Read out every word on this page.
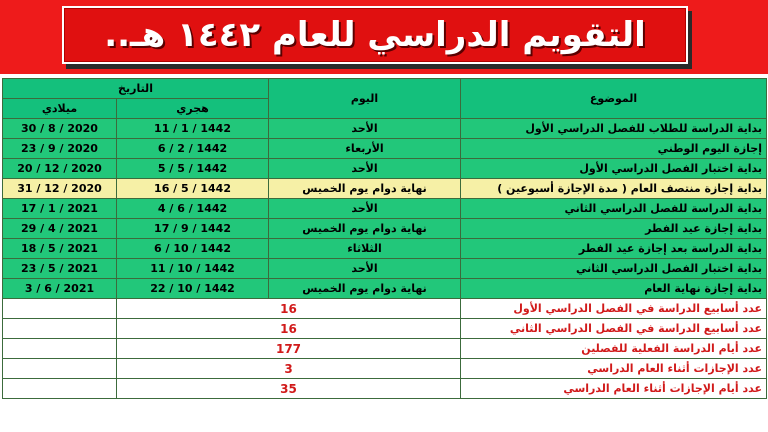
التقويم الدراسي للعام ١٤٤٢ هـ..
الموضوع	اليوم	التاريخ	
		هجري	ميلادي
بداية الدراسة للطلاب للفصل الدراسي الأول	الأحد	11 / 1 / 1442	30 / 8 / 2020
إجازة اليوم الوطني	الأربعاء	6 / 2 / 1442	23 / 9 / 2020
بداية اختبار الفصل الدراسي الأول	الأحد	5 / 5 / 1442	20 / 12 / 2020
بداية إجازة منتصف العام ( مدة الإجازة أسبوعين )	نهاية دوام يوم الخميس	16 / 5 / 1442	31 / 12 / 2020
بداية الدراسة للفصل الدراسي الثاني	الأحد	4 / 6 / 1442	17 / 1 / 2021
بداية إجازة عيد الفطر	نهاية دوام يوم الخميس	17 / 9 / 1442	29 / 4 / 2021
بداية الدراسة بعد إجازة عيد الفطر	الثلاثاء	6 / 10 / 1442	18 / 5 / 2021
بداية اختبار الفصل الدراسي الثاني	الأحد	11 / 10 / 1442	23 / 5 / 2021
بداية إجازة نهاية العام	نهاية دوام يوم الخميس	22 / 10 / 1442	3 / 6 / 2021
عدد أسابيع الدراسة في الفصل الدراسي الأول	16		
عدد أسابيع الدراسة في الفصل الدراسي الثاني	16		
عدد أيام الدراسة الفعلية للفصلين	177		
عدد الإجازات أثناء العام الدراسي	3		
عدد أيام الإجازات أثناء العام الدراسي	35		
